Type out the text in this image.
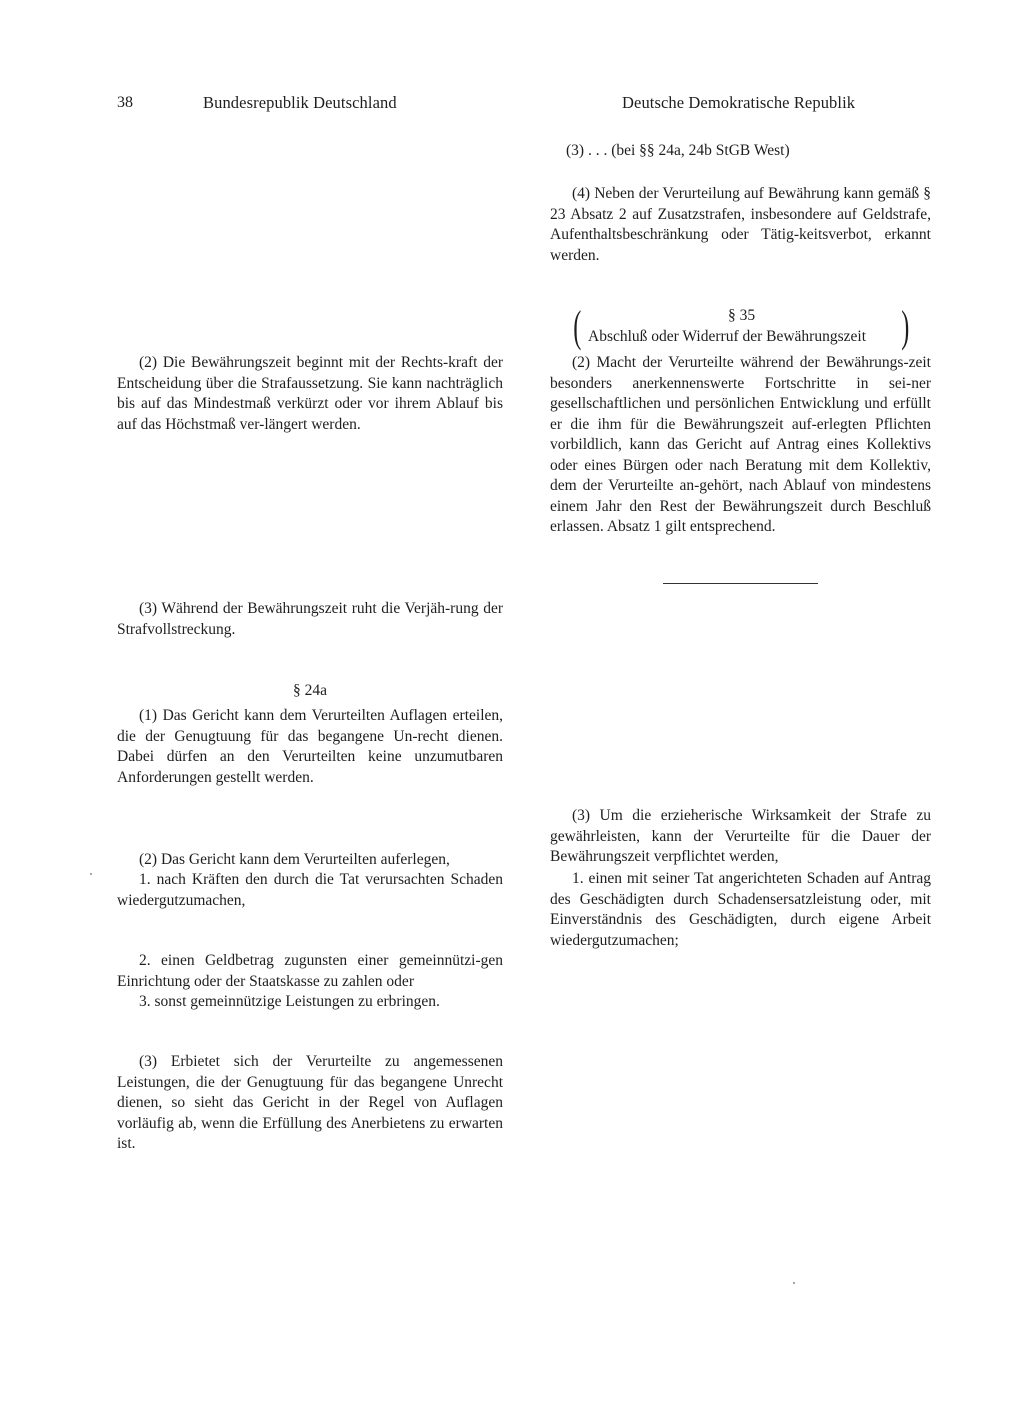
38	Bundesrepublik Deutschland	Deutsche Demokratische Republik

(2) Die Bewährungszeit beginnt mit der Rechts-kraft der Entscheidung über die Strafaussetzung. Sie kann nachträglich bis auf das Mindestmaß verkürzt oder vor ihrem Ablauf bis auf das Höchstmaß ver-längert werden.

(3) Während der Bewährungszeit ruht die Verjäh-rung der Strafvollstreckung.

§ 24a

(1) Das Gericht kann dem Verurteilten Auflagen erteilen, die der Genugtuung für das begangene Un-recht dienen. Dabei dürfen an den Verurteilten keine unzumutbaren Anforderungen gestellt werden.

(2) Das Gericht kann dem Verurteilten auferlegen,

1. nach Kräften den durch die Tat verursachten Schaden wiedergutzumachen,

2. einen Geldbetrag zugunsten einer gemeinnützi-gen Einrichtung oder der Staatskasse zu zahlen oder

3. sonst gemeinnützige Leistungen zu erbringen.

(3) Erbietet sich der Verurteilte zu angemessenen Leistungen, die der Genugtuung für das begangene Unrecht dienen, so sieht das Gericht in der Regel von Auflagen vorläufig ab, wenn die Erfüllung des Anerbietens zu erwarten ist.

(3) . . . (bei §§ 24a, 24b StGB West)

(4) Neben der Verurteilung auf Bewährung kann gemäß § 23 Absatz 2 auf Zusatzstrafen, insbesondere auf Geldstrafe, Aufenthaltsbeschränkung oder Tätig-keitsverbot, erkannt werden.

(	§ 35
Abschluß oder Widerruf der Bewährungszeit )

(2) Macht der Verurteilte während der Bewährungs-zeit besonders anerkennenswerte Fortschritte in sei-ner gesellschaftlichen und persönlichen Entwicklung und erfüllt er die ihm für die Bewährungszeit auf-erlegten Pflichten vorbildlich, kann das Gericht auf Antrag eines Kollektivs oder eines Bürgen oder nach Beratung mit dem Kollektiv, dem der Verurteilte an-gehört, nach Ablauf von mindestens einem Jahr den Rest der Bewährungszeit durch Beschluß erlassen. Absatz 1 gilt entsprechend.

(3) Um die erzieherische Wirksamkeit der Strafe zu gewährleisten, kann der Verurteilte für die Dauer der Bewährungszeit verpflichtet werden,

1. einen mit seiner Tat angerichteten Schaden auf Antrag des Geschädigten durch Schadensersatzleistung oder, mit Einverständnis des Geschädigten, durch eigene Arbeit wiedergutzumachen;
